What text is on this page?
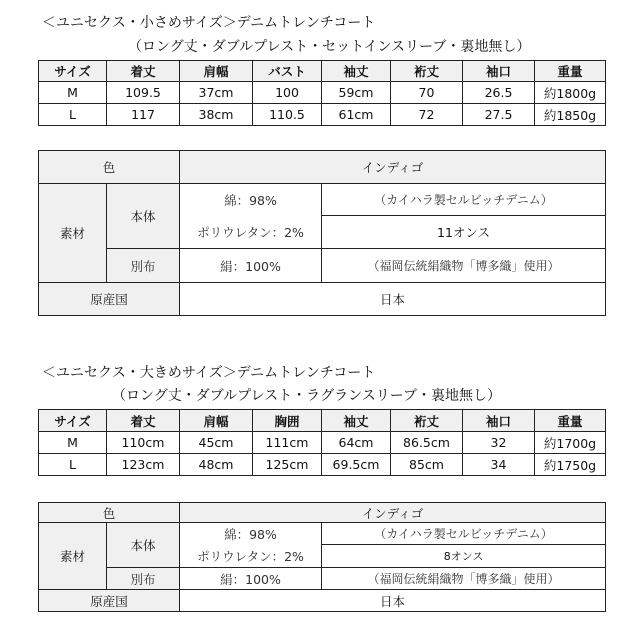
＜ユニセクス・小さめサイズ＞デニムトレンチコート
（ロング丈・ダブルプレスト・セットインスリーブ・裏地無し）
サイズ	着丈	肩幅	バスト	袖丈	裄丈	袖口	重量
M	109.5	37cm	100	59cm	70	26.5	約1800g
L	117	38cm	110.5	61cm	72	27.5	約1850g
色		インディゴ	
素材	本体	綿：98%	（カイハラ製セルビッチデニム）
		ポリウレタン：2%	11オンス
	別布	絹：100%	（福岡伝統絹織物「博多織」使用）
原産国		日本	
＜ユニセクス・大きめサイズ＞デニムトレンチコート
（ロング丈・ダブルプレスト・ラグランスリーブ・裏地無し）
サイズ	着丈	肩幅	胸囲	袖丈	裄丈	袖口	重量
M	110cm	45cm	111cm	64cm	86.5cm	32	約1700g
L	123cm	48cm	125cm	69.5cm	85cm	34	約1750g
色		インディゴ	
素材	本体	綿：98%	（カイハラ製セルビッチデニム）
		ポリウレタン：2%	8オンス
	別布	絹：100%	（福岡伝統絹織物「博多織」使用）
原産国		日本	
